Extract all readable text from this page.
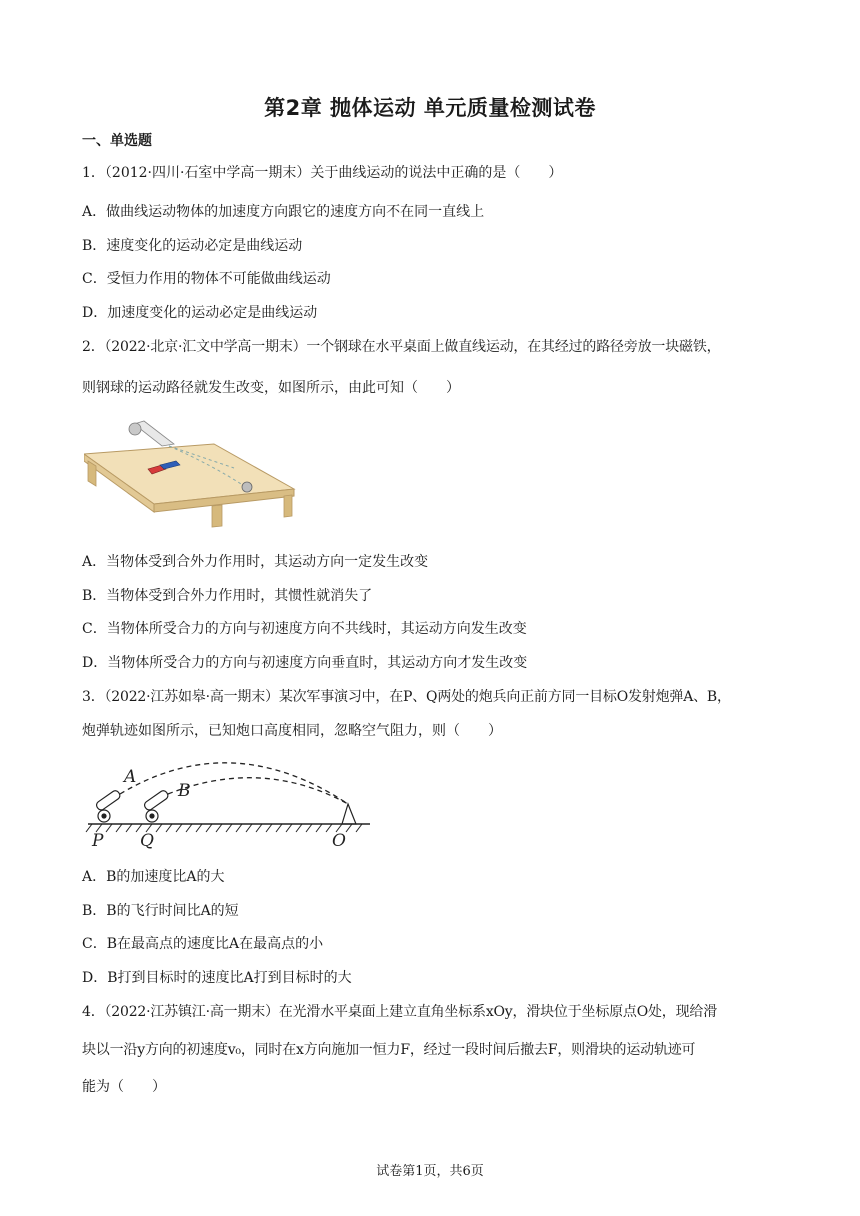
第2章 抛体运动 单元质量检测试卷
一、单选题
1．（2012·四川·石室中学高一期末）关于曲线运动的说法中正确的是（　　）
A．做曲线运动物体的加速度方向跟它的速度方向不在同一直线上
B．速度变化的运动必定是曲线运动
C．受恒力作用的物体不可能做曲线运动
D．加速度变化的运动必定是曲线运动
2．（2022·北京·汇文中学高一期末）一个钢球在水平桌面上做直线运动，在其经过的路径旁放一块磁铁，
则钢球的运动路径就发生改变，如图所示，由此可知（　　）
A．当物体受到合外力作用时，其运动方向一定发生改变
B．当物体受到合外力作用时，其惯性就消失了
C．当物体所受合力的方向与初速度方向不共线时，其运动方向发生改变
D．当物体所受合力的方向与初速度方向垂直时，其运动方向才发生改变
3．（2022·江苏如皋·高一期末）某次军事演习中，在P、Q两处的炮兵向正前方同一目标O发射炮弹A、B，
炮弹轨迹如图所示，已知炮口高度相同，忽略空气阻力，则（　　）
A
B
P Q	O
A．B的加速度比A的大
B．B的飞行时间比A的短
C．B在最高点的速度比A在最高点的小
D．B打到目标时的速度比A打到目标时的大
4．（2022·江苏镇江·高一期末）在光滑水平桌面上建立直角坐标系xOy，滑块位于坐标原点O处，现给滑
块以一沿y方向的初速度v₀，同时在x方向施加一恒力F，经过一段时间后撤去F，则滑块的运动轨迹可
能为（　　）
试卷第1页，共6页
